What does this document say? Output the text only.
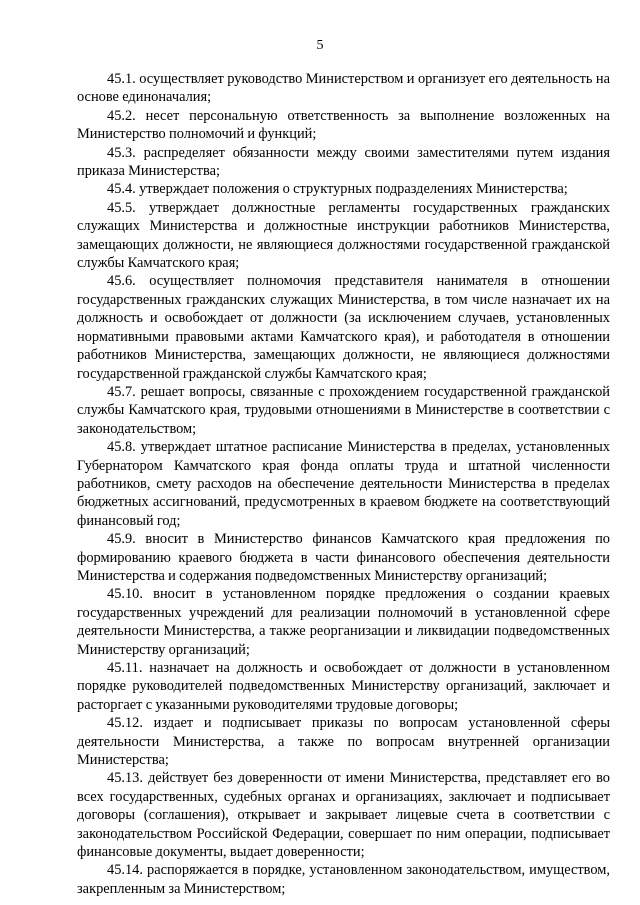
5

45.1. осуществляет руководство Министерством и организует его деятельность на основе единоначалия;

45.2. несет персональную ответственность за выполнение возложенных на Министерство полномочий и функций;

45.3. распределяет обязанности между своими заместителями путем издания приказа Министерства;

45.4. утверждает положения о структурных подразделениях Министерства;

45.5. утверждает должностные регламенты государственных гражданских служащих Министерства и должностные инструкции работников Министерства, замещающих должности, не являющиеся должностями государственной гражданской службы Камчатского края;

45.6. осуществляет полномочия представителя нанимателя в отношении государственных гражданских служащих Министерства, в том числе назначает их на должность и освобождает от должности (за исключением случаев, установленных нормативными правовыми актами Камчатского края), и работодателя в отношении работников Министерства, замещающих должности, не являющиеся должностями государственной гражданской службы Камчатского края;

45.7. решает вопросы, связанные с прохождением государственной гражданской службы Камчатского края, трудовыми отношениями в Министерстве в соответствии с законодательством;

45.8. утверждает штатное расписание Министерства в пределах, установленных Губернатором Камчатского края фонда оплаты труда и штатной численности работников, смету расходов на обеспечение деятельности Министерства в пределах бюджетных ассигнований, предусмотренных в краевом бюджете на соответствующий финансовый год;

45.9. вносит в Министерство финансов Камчатского края предложения по формированию краевого бюджета в части финансового обеспечения деятельности Министерства и содержания подведомственных Министерству организаций;

45.10. вносит в установленном порядке предложения о создании краевых государственных учреждений для реализации полномочий в установленной сфере деятельности Министерства, а также реорганизации и ликвидации подведомственных Министерству организаций;

45.11. назначает на должность и освобождает от должности в установленном порядке руководителей подведомственных Министерству организаций, заключает и расторгает с указанными руководителями трудовые договоры;

45.12. издает и подписывает приказы по вопросам установленной сферы деятельности Министерства, а также по вопросам внутренней организации Министерства;

45.13. действует без доверенности от имени Министерства, представляет его во всех государственных, судебных органах и организациях, заключает и подписывает договоры (соглашения), открывает и закрывает лицевые счета в соответствии с законодательством Российской Федерации, совершает по ним операции, подписывает финансовые документы, выдает доверенности;

45.14. распоряжается в порядке, установленном законодательством, имуществом, закрепленным за Министерством;
